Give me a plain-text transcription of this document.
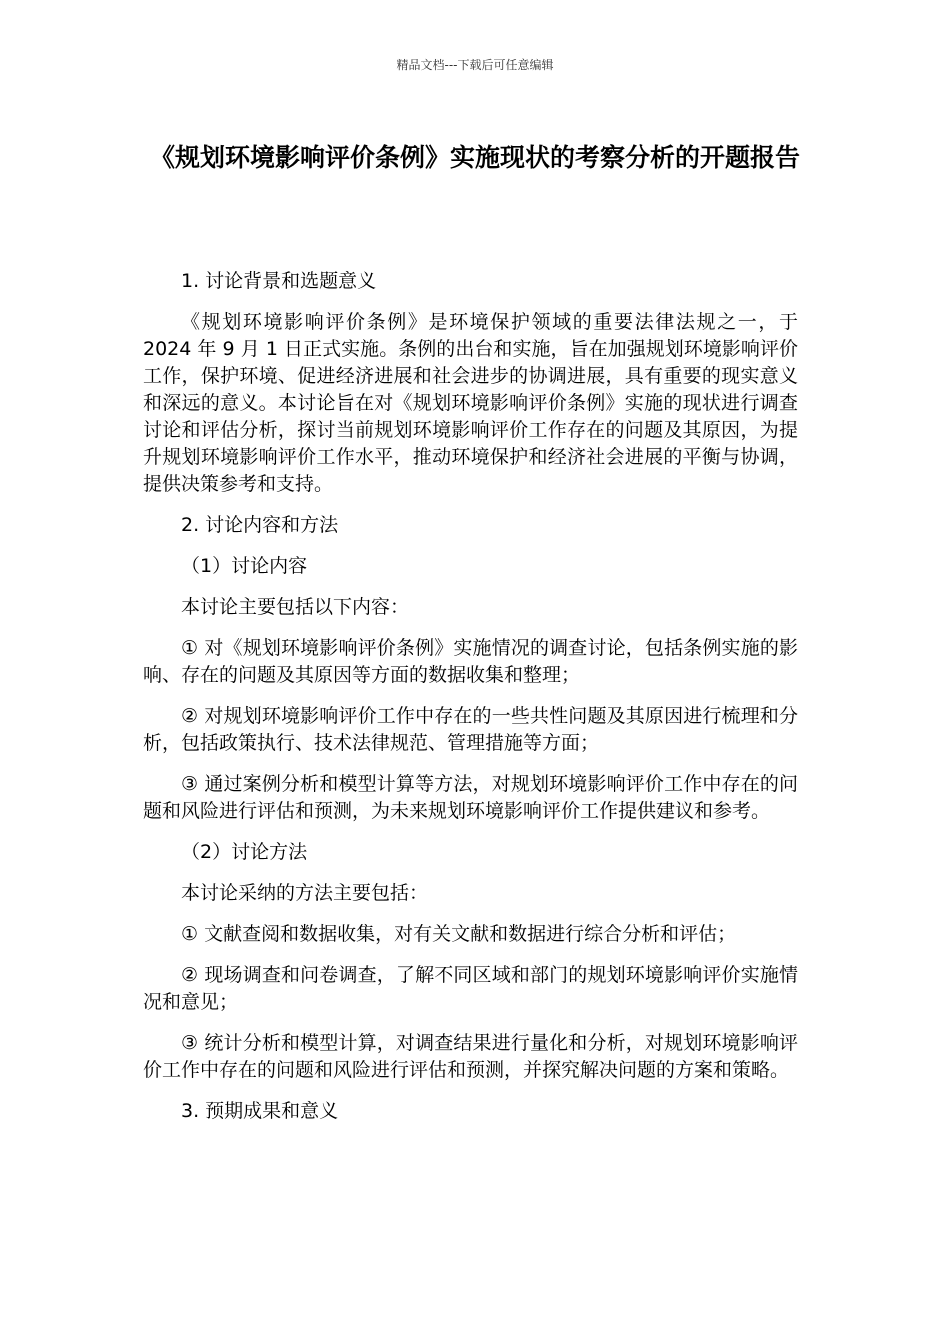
精品文档---下载后可任意编辑
《规划环境影响评价条例》实施现状的考察分析的开题报告

1. 讨论背景和选题意义

《规划环境影响评价条例》是环境保护领域的重要法律法规之一，于 2024 年 9 月 1 日正式实施。条例的出台和实施，旨在加强规划环境影响评价工作，保护环境、促进经济进展和社会进步的协调进展，具有重要的现实意义和深远的意义。本讨论旨在对《规划环境影响评价条例》实施的现状进行调查讨论和评估分析，探讨当前规划环境影响评价工作存在的问题及其原因，为提升规划环境影响评价工作水平，推动环境保护和经济社会进展的平衡与协调，提供决策参考和支持。

2. 讨论内容和方法

（1）讨论内容

本讨论主要包括以下内容：

① 对《规划环境影响评价条例》实施情况的调查讨论，包括条例实施的影响、存在的问题及其原因等方面的数据收集和整理；

② 对规划环境影响评价工作中存在的一些共性问题及其原因进行梳理和分析，包括政策执行、技术法律规范、管理措施等方面；

③ 通过案例分析和模型计算等方法，对规划环境影响评价工作中存在的问题和风险进行评估和预测，为未来规划环境影响评价工作提供建议和参考。

（2）讨论方法

本讨论采纳的方法主要包括：

① 文献查阅和数据收集，对有关文献和数据进行综合分析和评估；

② 现场调查和问卷调查，了解不同区域和部门的规划环境影响评价实施情况和意见；

③ 统计分析和模型计算，对调查结果进行量化和分析，对规划环境影响评价工作中存在的问题和风险进行评估和预测，并探究解决问题的方案和策略。

3. 预期成果和意义
